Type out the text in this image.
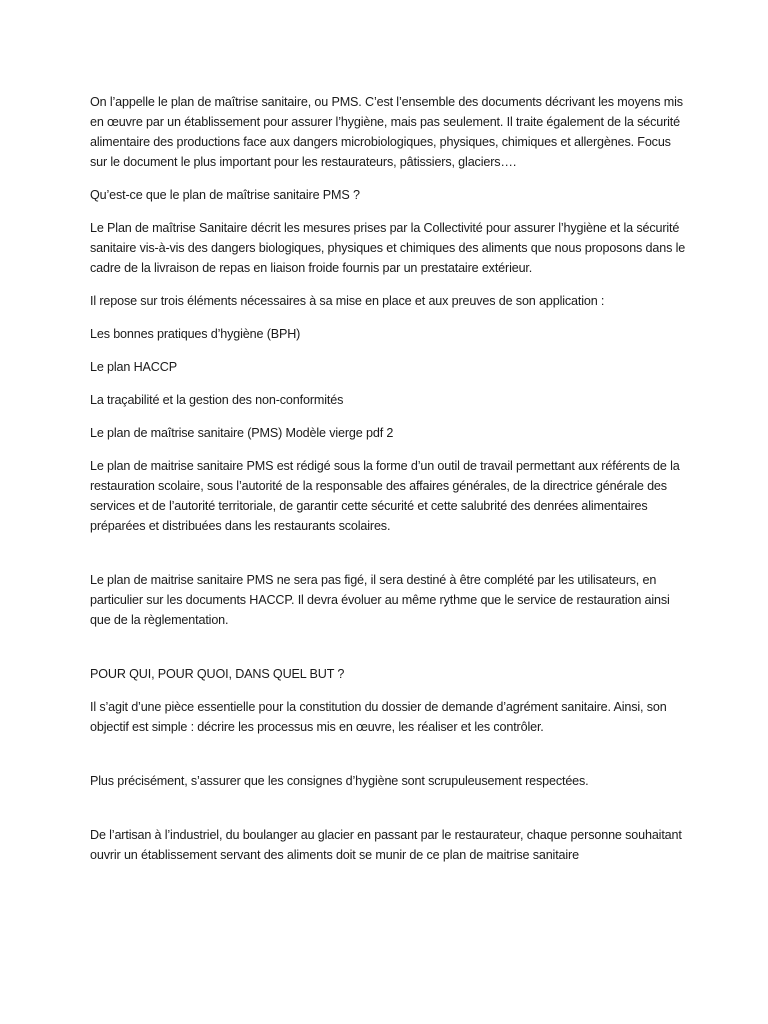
On l’appelle le plan de maîtrise sanitaire, ou PMS. C’est l’ensemble des documents décrivant les moyens mis en œuvre par un établissement pour assurer l’hygiène, mais pas seulement. Il traite également de la sécurité alimentaire des productions face aux dangers microbiologiques, physiques, chimiques et allergènes. Focus sur le document le plus important pour les restaurateurs, pâtissiers, glaciers….

Qu’est-ce que le plan de maîtrise sanitaire PMS ?

Le Plan de maîtrise Sanitaire décrit les mesures prises par la Collectivité pour assurer l’hygiène et la sécurité sanitaire vis-à-vis des dangers biologiques, physiques et chimiques des aliments que nous proposons dans le cadre de la livraison de repas en liaison froide fournis par un prestataire extérieur.

Il repose sur trois éléments nécessaires à sa mise en place et aux preuves de son application :

Les bonnes pratiques d’hygiène (BPH)

Le plan HACCP

La traçabilité et la gestion des non-conformités

Le plan de maîtrise sanitaire (PMS) Modèle vierge pdf 2

Le plan de maitrise sanitaire PMS est rédigé sous la forme d’un outil de travail permettant aux référents de la restauration scolaire, sous l’autorité de la responsable des affaires générales, de la directrice générale des services et de l’autorité territoriale, de garantir cette sécurité et cette salubrité des denrées alimentaires préparées et distribuées dans les restaurants scolaires.

Le plan de maitrise sanitaire PMS ne sera pas figé, il sera destiné à être complété par les utilisateurs, en particulier sur les documents HACCP. Il devra évoluer au même rythme que le service de restauration ainsi que de la règlementation.

POUR QUI, POUR QUOI, DANS QUEL BUT ?

Il s’agit d’une pièce essentielle pour la constitution du dossier de demande d’agrément sanitaire. Ainsi, son objectif est simple : décrire les processus mis en œuvre, les réaliser et les contrôler.

Plus précisément, s’assurer que les consignes d’hygiène sont scrupuleusement respectées.

De l’artisan à l’industriel, du boulanger au glacier en passant par le restaurateur, chaque personne souhaitant ouvrir un établissement servant des aliments doit se munir de ce plan de maitrise sanitaire
